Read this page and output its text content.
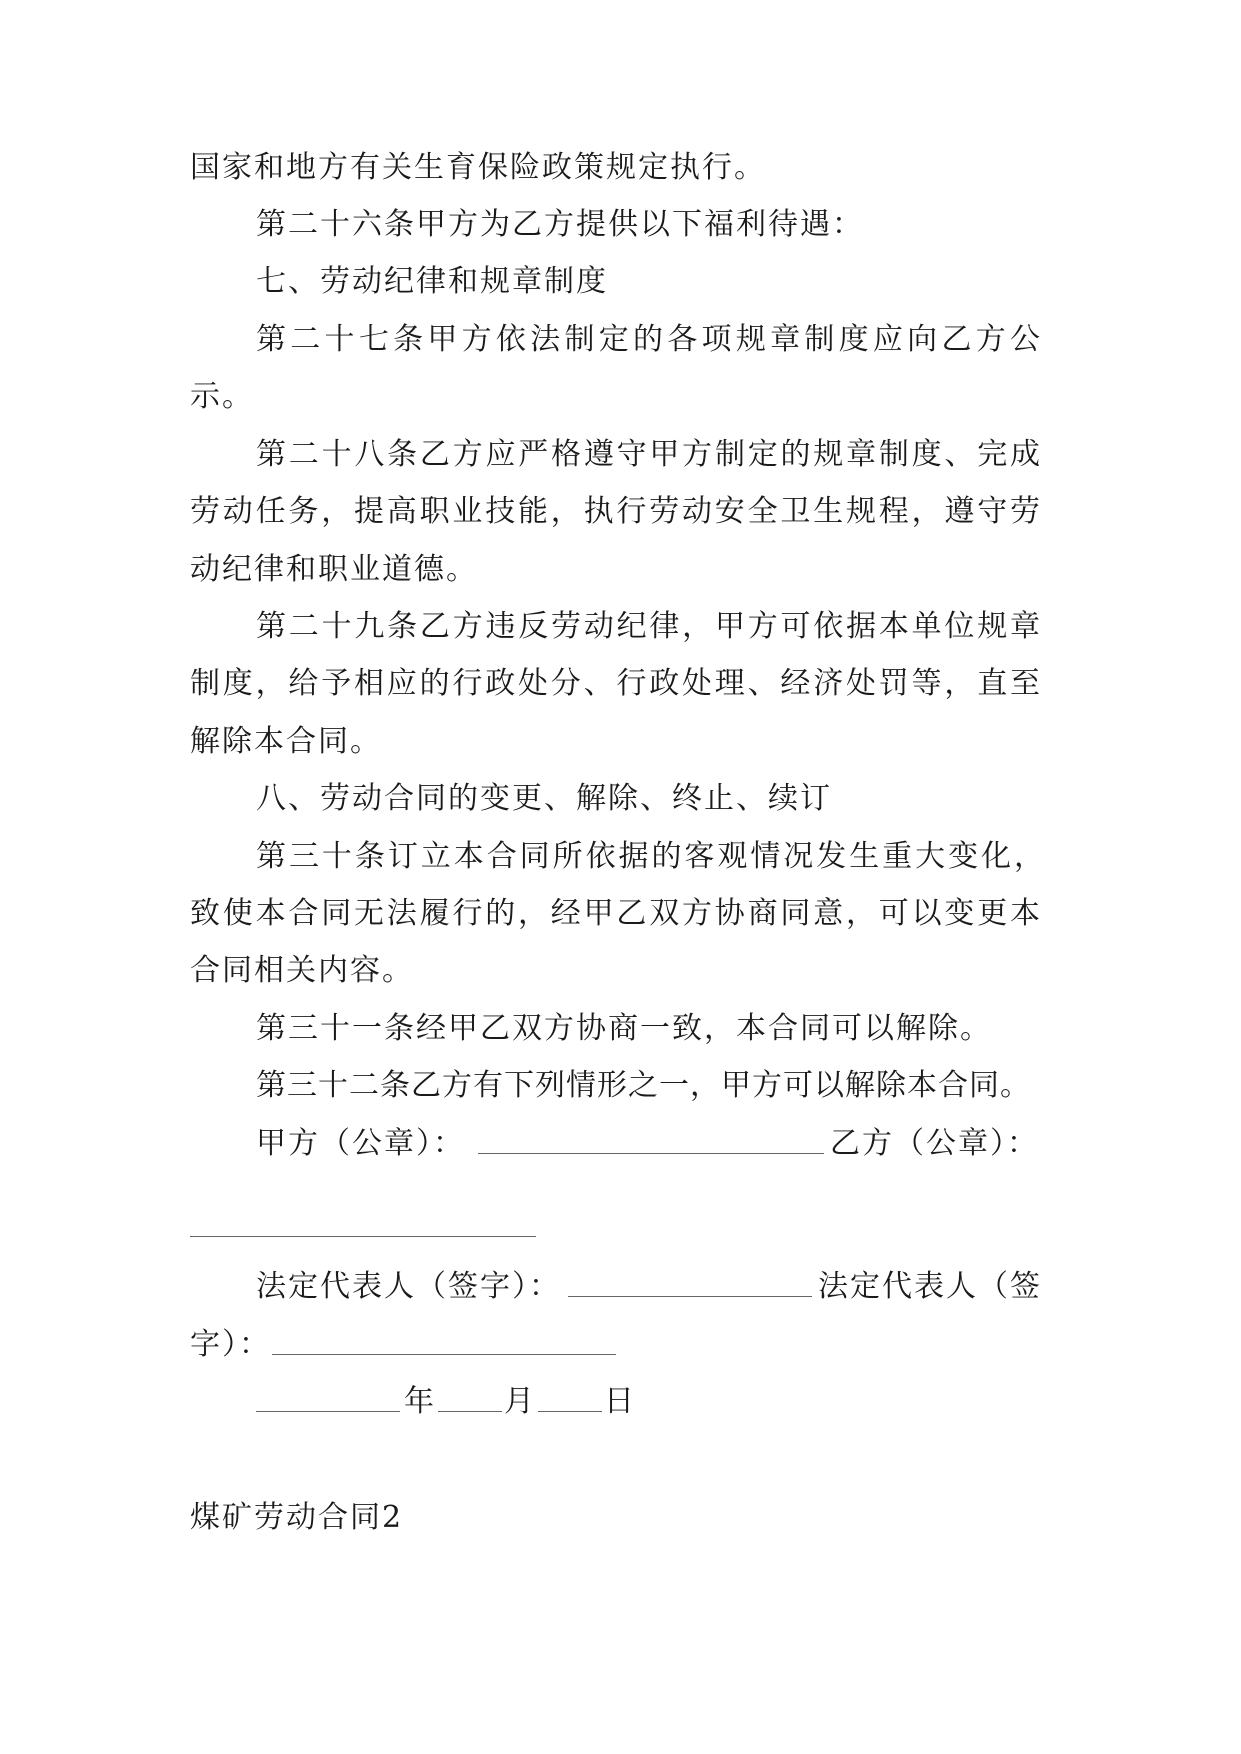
国家和地方有关生育保险政策规定执行。
第二十六条甲方为乙方提供以下福利待遇：
七、劳动纪律和规章制度
第二十七条甲方依法制定的各项规章制度应向乙方公
示。
第二十八条乙方应严格遵守甲方制定的规章制度、完成
劳动任务，提高职业技能，执行劳动安全卫生规程，遵守劳
动纪律和职业道德。
第二十九条乙方违反劳动纪律，甲方可依据本单位规章
制度，给予相应的行政处分、行政处理、经济处罚等，直至
解除本合同。
八、劳动合同的变更、解除、终止、续订
第三十条订立本合同所依据的客观情况发生重大变化，
致使本合同无法履行的，经甲乙双方协商同意，可以变更本
合同相关内容。
第三十一条经甲乙双方协商一致，本合同可以解除。
第三十二条乙方有下列情形之一，甲方可以解除本合同。
甲方（公章）：	乙方（公章）：
法定代表人（签字）：	法定代表人（签
字）：
年 月 日
煤矿劳动合同2
